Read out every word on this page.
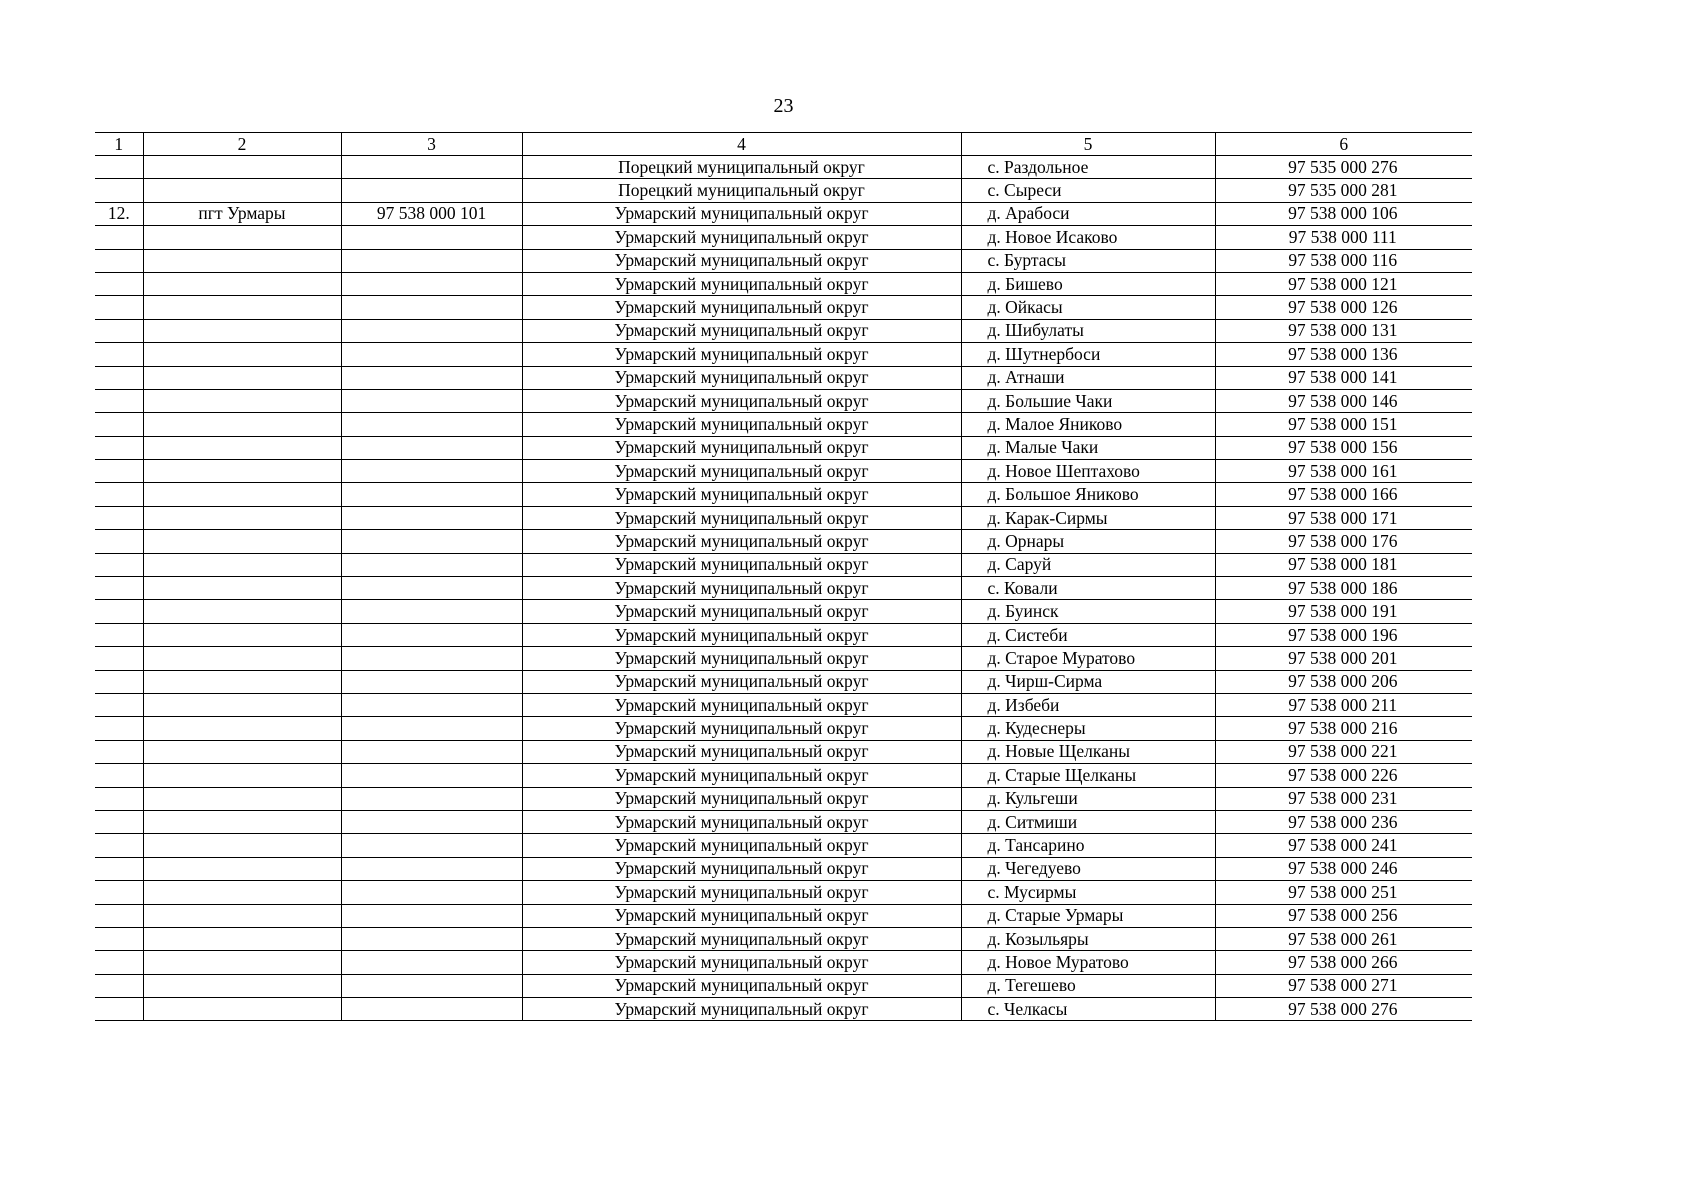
23
1	2	3	4	5	6
			Порецкий муниципальный округ	с. Раздольное	97 535 000 276
			Порецкий муниципальный округ	с. Сыреси	97 535 000 281
12.	пгт Урмары	97 538 000 101	Урмарский муниципальный округ	д. Арабоси	97 538 000 106
			Урмарский муниципальный округ	д. Новое Исаково	97 538 000 111
			Урмарский муниципальный округ	с. Буртасы	97 538 000 116
			Урмарский муниципальный округ	д. Бишево	97 538 000 121
			Урмарский муниципальный округ	д. Ойкасы	97 538 000 126
			Урмарский муниципальный округ	д. Шибулаты	97 538 000 131
			Урмарский муниципальный округ	д. Шутнербоси	97 538 000 136
			Урмарский муниципальный округ	д. Атнаши	97 538 000 141
			Урмарский муниципальный округ	д. Большие Чаки	97 538 000 146
			Урмарский муниципальный округ	д. Малое Яниково	97 538 000 151
			Урмарский муниципальный округ	д. Малые Чаки	97 538 000 156
			Урмарский муниципальный округ	д. Новое Шептахово	97 538 000 161
			Урмарский муниципальный округ	д. Большое Яниково	97 538 000 166
			Урмарский муниципальный округ	д. Карак-Сирмы	97 538 000 171
			Урмарский муниципальный округ	д. Орнары	97 538 000 176
			Урмарский муниципальный округ	д. Саруй	97 538 000 181
			Урмарский муниципальный округ	с. Ковали	97 538 000 186
			Урмарский муниципальный округ	д. Буинск	97 538 000 191
			Урмарский муниципальный округ	д. Систеби	97 538 000 196
			Урмарский муниципальный округ	д. Старое Муратово	97 538 000 201
			Урмарский муниципальный округ	д. Чирш-Сирма	97 538 000 206
			Урмарский муниципальный округ	д. Избеби	97 538 000 211
			Урмарский муниципальный округ	д. Кудеснеры	97 538 000 216
			Урмарский муниципальный округ	д. Новые Щелканы	97 538 000 221
			Урмарский муниципальный округ	д. Старые Щелканы	97 538 000 226
			Урмарский муниципальный округ	д. Кульгеши	97 538 000 231
			Урмарский муниципальный округ	д. Ситмиши	97 538 000 236
			Урмарский муниципальный округ	д. Тансарино	97 538 000 241
			Урмарский муниципальный округ	д. Чегедуево	97 538 000 246
			Урмарский муниципальный округ	с. Мусирмы	97 538 000 251
			Урмарский муниципальный округ	д. Старые Урмары	97 538 000 256
			Урмарский муниципальный округ	д. Козыльяры	97 538 000 261
			Урмарский муниципальный округ	д. Новое Муратово	97 538 000 266
			Урмарский муниципальный округ	д. Тегешево	97 538 000 271
			Урмарский муниципальный округ	с. Челкасы	97 538 000 276
